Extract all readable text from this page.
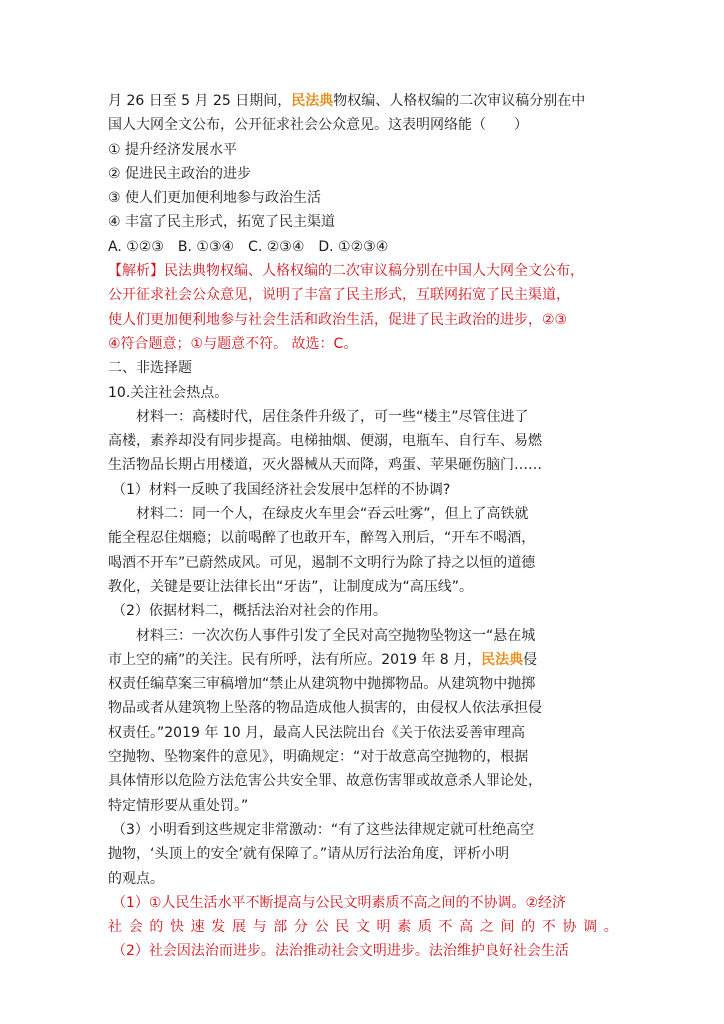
月 26 日至 5 月 25 日期间，民法典物权编、人格权编的二次审议稿分别在中
国人大网全文公布，公开征求社会公众意见。这表明网络能（　　）
① 提升经济发展水平
② 促进民主政治的进步
③ 使人们更加便利地参与政治生活
④ 丰富了民主形式，拓宽了民主渠道
A. ①②③　B. ①③④　C. ②③④　D. ①②③④
【解析】民法典物权编、人格权编的二次审议稿分别在中国人大网全文公布，
公开征求社会公众意见，说明了丰富了民主形式，互联网拓宽了民主渠道，
使人们更加便利地参与社会生活和政治生活，促进了民主政治的进步，②③
④符合题意；①与题意不符。 故选：C。
二、非选择题
10.关注社会热点。
材料一：高楼时代，居住条件升级了，可一些“楼主”尽管住进了
高楼，素养却没有同步提高。电梯抽烟、便溺，电瓶车、自行车、易燃
生活物品长期占用楼道，灭火器械从天而降，鸡蛋、苹果砸伤脑门……
（1）材料一反映了我国经济社会发展中怎样的不协调?
材料二：同一个人，在绿皮火车里会“吞云吐雾”，但上了高铁就
能全程忍住烟瘾；以前喝醉了也敢开车，醉驾入刑后，“开车不喝酒，
喝酒不开车”已蔚然成风。可见，遏制不文明行为除了持之以恒的道德
教化，关键是要让法律长出“牙齿”，让制度成为“高压线”。
（2）依据材料二，概括法治对社会的作用。
材料三：一次次伤人事件引发了全民对高空抛物坠物这一“悬在城
市上空的痛”的关注。民有所呼，法有所应。2019 年 8 月，民法典侵
权责任编草案三审稿增加“禁止从建筑物中抛掷物品。从建筑物中抛掷
物品或者从建筑物上坠落的物品造成他人损害的，由侵权人依法承担侵
权责任。”2019 年 10 月，最高人民法院出台《关于依法妥善审理高
空抛物、坠物案件的意见》，明确规定：“对于故意高空抛物的，根据
具体情形以危险方法危害公共安全罪、故意伤害罪或故意杀人罪论处，
特定情形要从重处罚。”
（3）小明看到这些规定非常激动：“有了这些法律规定就可杜绝高空
抛物，‘头顶上的安全’就有保障了。”请从厉行法治角度，评析小明
的观点。
（1）①人民生活水平不断提高与公民文明素质不高之间的不协调。②经济
社 会 的 快 速 发 展 与 部 分 公 民 文 明 素 质 不 高 之 间 的 不 协 调 。
（2）社会因法治而进步。法治推动社会文明进步。法治维护良好社会生活
